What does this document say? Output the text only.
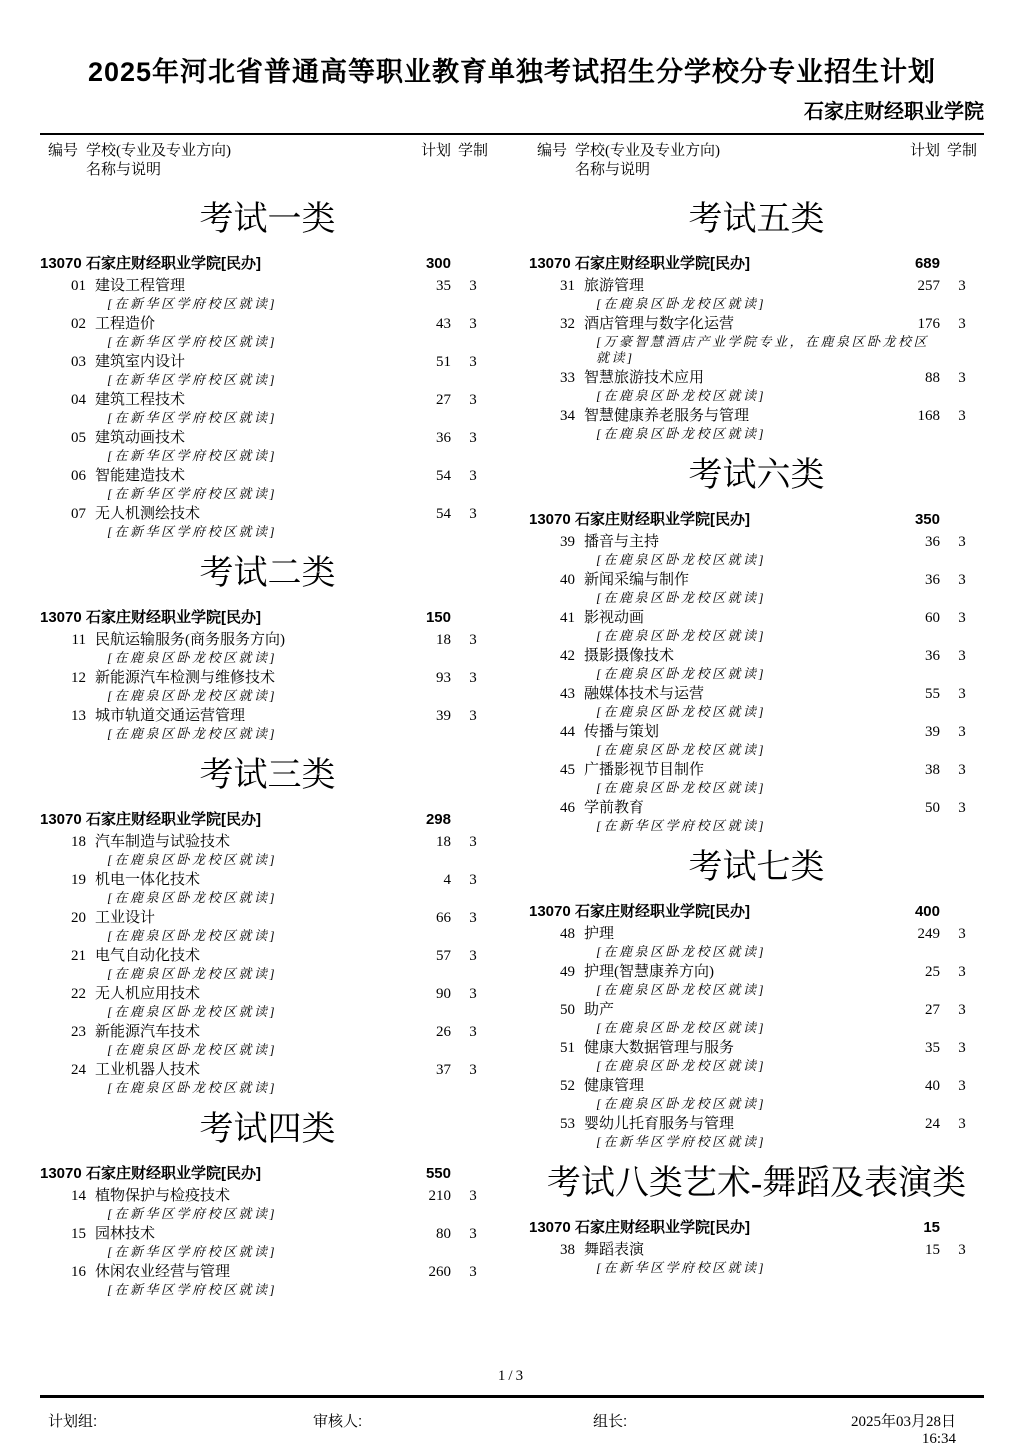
2025年河北省普通高等职业教育单独考试招生分学校分专业招生计划
石家庄财经职业学院
编号 学校(专业及专业方向)
名称与说明
计划 学制	编号 学校(专业及专业方向)
名称与说明
计划 学制
考试一类
13070 石家庄财经职业学院[民办]	300
01 建设工程管理	35	3
[在新华区学府校区就读]
02 工程造价	43	3
[在新华区学府校区就读]
03 建筑室内设计	51	3
[在新华区学府校区就读]
04 建筑工程技术	27	3
[在新华区学府校区就读]
05 建筑动画技术	36	3
[在新华区学府校区就读]
06 智能建造技术	54	3
[在新华区学府校区就读]
07 无人机测绘技术	54	3
[在新华区学府校区就读]
考试二类
13070 石家庄财经职业学院[民办]	150
11 民航运输服务(商务服务方向)	18	3
[在鹿泉区卧龙校区就读]
12 新能源汽车检测与维修技术	93	3
[在鹿泉区卧龙校区就读]
13 城市轨道交通运营管理	39	3
[在鹿泉区卧龙校区就读]
考试三类
13070 石家庄财经职业学院[民办]	298
18 汽车制造与试验技术	18	3
[在鹿泉区卧龙校区就读]
19 机电一体化技术	4	3
[在鹿泉区卧龙校区就读]
20 工业设计	66	3
[在鹿泉区卧龙校区就读]
21 电气自动化技术	57	3
[在鹿泉区卧龙校区就读]
22 无人机应用技术	90	3
[在鹿泉区卧龙校区就读]
23 新能源汽车技术	26	3
[在鹿泉区卧龙校区就读]
24 工业机器人技术	37	3
[在鹿泉区卧龙校区就读]
考试四类
13070 石家庄财经职业学院[民办]	550
14 植物保护与检疫技术	210	3
[在新华区学府校区就读]
15 园林技术	80	3
[在新华区学府校区就读]
16 休闲农业经营与管理	260	3
[在新华区学府校区就读]
考试五类
13070 石家庄财经职业学院[民办]	689
31 旅游管理	257	3
[在鹿泉区卧龙校区就读]
32 酒店管理与数字化运营	176	3
[万豪智慧酒店产业学院专业，在鹿泉区卧龙校区就读]
33 智慧旅游技术应用	88	3
[在鹿泉区卧龙校区就读]
34 智慧健康养老服务与管理	168	3
[在鹿泉区卧龙校区就读]
考试六类
13070 石家庄财经职业学院[民办]	350
39 播音与主持	36	3
[在鹿泉区卧龙校区就读]
40 新闻采编与制作	36	3
[在鹿泉区卧龙校区就读]
41 影视动画	60	3
[在鹿泉区卧龙校区就读]
42 摄影摄像技术	36	3
[在鹿泉区卧龙校区就读]
43 融媒体技术与运营	55	3
[在鹿泉区卧龙校区就读]
44 传播与策划	39	3
[在鹿泉区卧龙校区就读]
45 广播影视节目制作	38	3
[在鹿泉区卧龙校区就读]
46 学前教育	50	3
[在新华区学府校区就读]
考试七类
13070 石家庄财经职业学院[民办]	400
48 护理	249	3
[在鹿泉区卧龙校区就读]
49 护理(智慧康养方向)	25	3
[在鹿泉区卧龙校区就读]
50 助产	27	3
[在鹿泉区卧龙校区就读]
51 健康大数据管理与服务	35	3
[在鹿泉区卧龙校区就读]
52 健康管理	40	3
[在鹿泉区卧龙校区就读]
53 婴幼儿托育服务与管理	24	3
[在新华区学府校区就读]
考试八类艺术-舞蹈及表演类
13070 石家庄财经职业学院[民办]	15
38 舞蹈表演	15	3
[在新华区学府校区就读]
1/3
计划组:	审核人:	组长:	2025年03月28日 16:34
